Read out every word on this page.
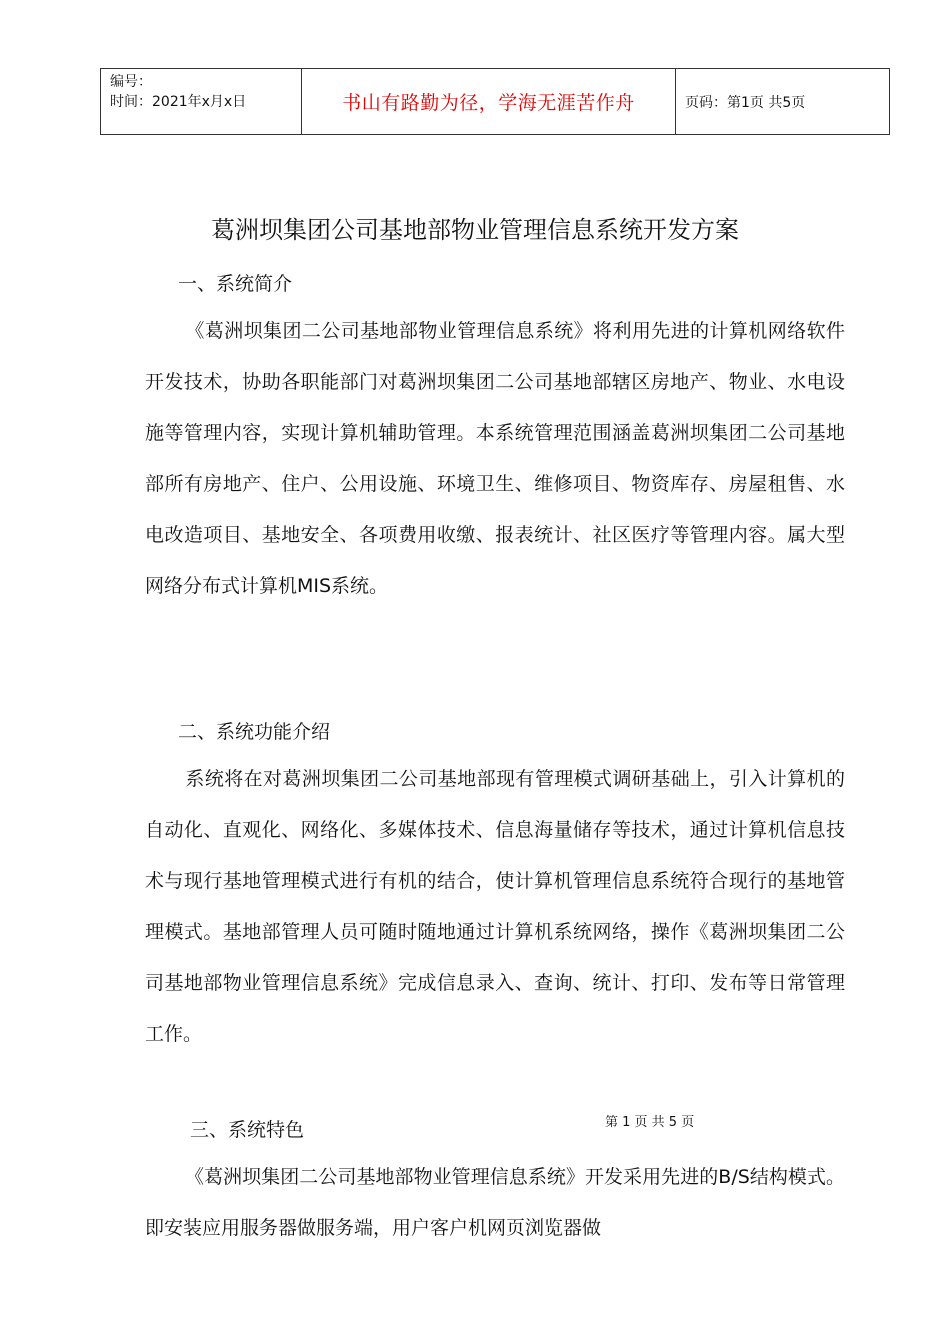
编号：
时间：2021年x月x日	书山有路勤为径，学海无涯苦作舟	页码：第1页 共5页
葛洲坝集团公司基地部物业管理信息系统开发方案
一、系统简介

《葛洲坝集团二公司基地部物业管理信息系统》将利用先进的计算机网络软件开发技术，协助各职能部门对葛洲坝集团二公司基地部辖区房地产、物业、水电设施等管理内容，实现计算机辅助管理。本系统管理范围涵盖葛洲坝集团二公司基地部所有房地产、住户、公用设施、环境卫生、维修项目、物资库存、房屋租售、水电改造项目、基地安全、各项费用收缴、报表统计、社区医疗等管理内容。属大型网络分布式计算机MIS系统。

二、系统功能介绍

系统将在对葛洲坝集团二公司基地部现有管理模式调研基础上，引入计算机的自动化、直观化、网络化、多媒体技术、信息海量储存等技术，通过计算机信息技术与现行基地管理模式进行有机的结合，使计算机管理信息系统符合现行的基地管理模式。基地部管理人员可随时随地通过计算机系统网络，操作《葛洲坝集团二公司基地部物业管理信息系统》完成信息录入、查询、统计、打印、发布等日常管理工作。

三、系统特色	第 1 页 共 5 页

《葛洲坝集团二公司基地部物业管理信息系统》开发采用先进的B/S结构模式。即安装应用服务器做服务端，用户客户机网页浏览器做
